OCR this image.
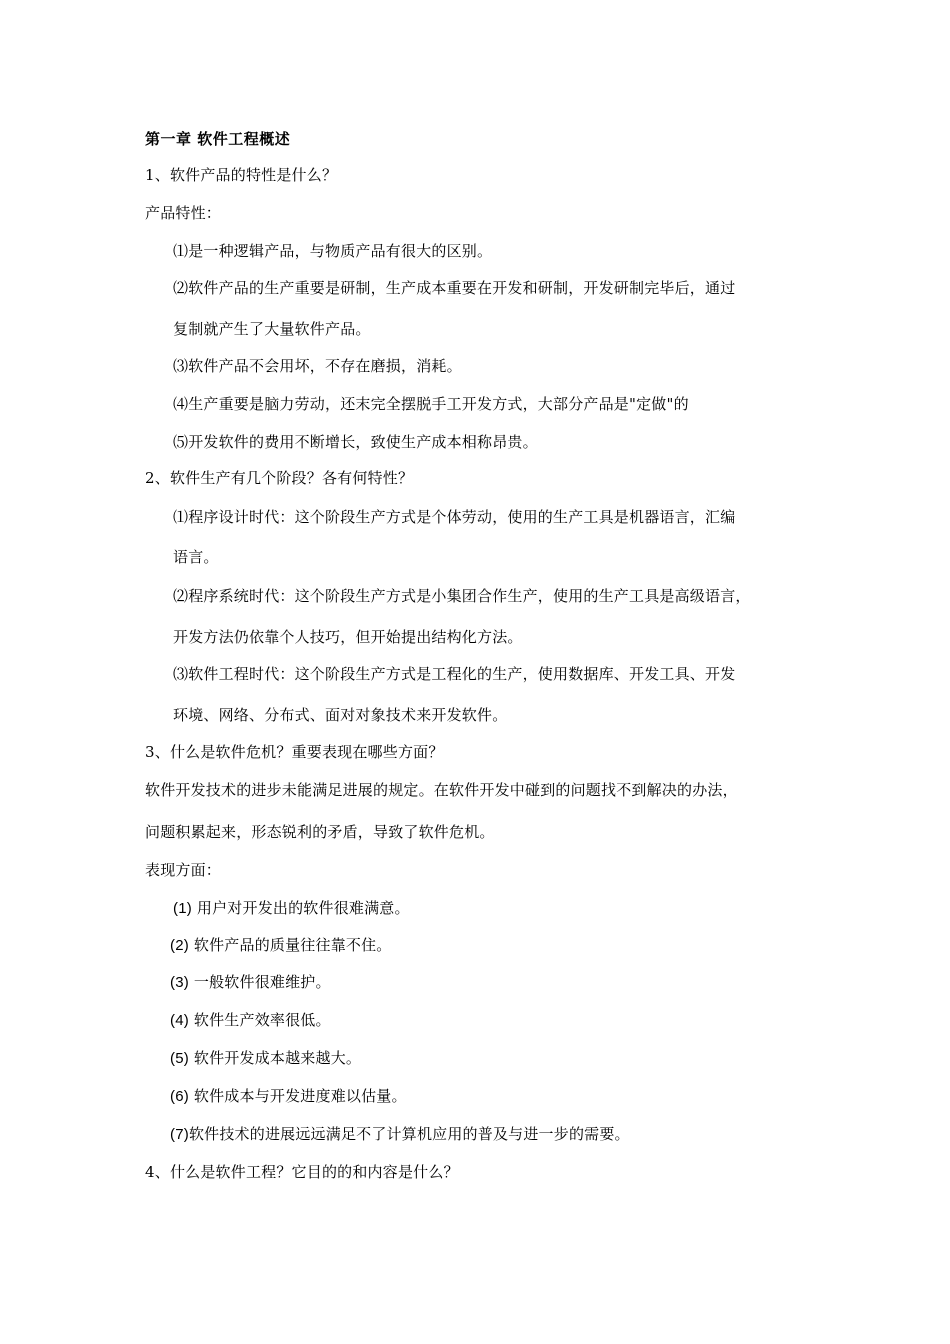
第一章 软件工程概述
1、软件产品的特性是什么？
产品特性：
⑴是一种逻辑产品，与物质产品有很大的区别。
⑵软件产品的生产重要是研制，生产成本重要在开发和研制，开发研制完毕后，通过
复制就产生了大量软件产品。
⑶软件产品不会用坏，不存在磨损，消耗。
⑷生产重要是脑力劳动，还末完全摆脱手工开发方式，大部分产品是"定做"的
⑸开发软件的费用不断增长，致使生产成本相称昂贵。
2、软件生产有几个阶段？各有何特性？
⑴程序设计时代：这个阶段生产方式是个体劳动，使用的生产工具是机器语言，汇编
语言。
⑵程序系统时代：这个阶段生产方式是小集团合作生产，使用的生产工具是高级语言，
开发方法仍依靠个人技巧，但开始提出结构化方法。
⑶软件工程时代：这个阶段生产方式是工程化的生产，使用数据库、开发工具、开发
环境、网络、分布式、面对对象技术来开发软件。
3、什么是软件危机？重要表现在哪些方面？
软件开发技术的进步未能满足进展的规定。在软件开发中碰到的问题找不到解决的办法，
问题积累起来，形态锐利的矛盾，导致了软件危机。
表现方面：
(1) 用户对开发出的软件很难满意。
(2) 软件产品的质量往往靠不住。
(3) 一般软件很难维护。
(4) 软件生产效率很低。
(5) 软件开发成本越来越大。
(6) 软件成本与开发进度难以估量。
(7)软件技术的进展远远满足不了计算机应用的普及与进一步的需要。
4、什么是软件工程？它目的的和内容是什么？
